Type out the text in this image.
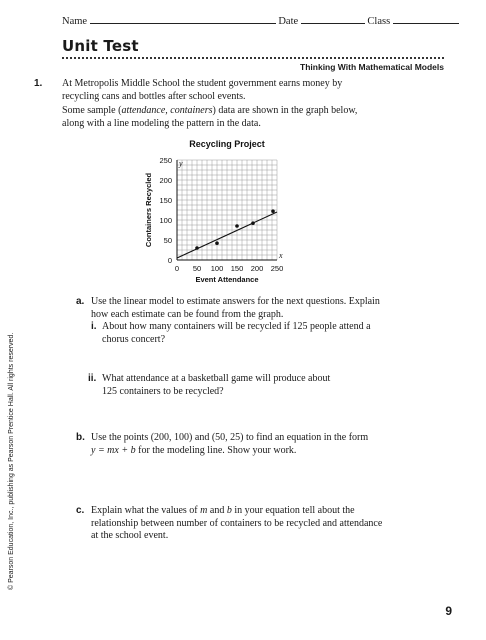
Name	Date	Class
Unit Test
Thinking With Mathematical Models
1. At Metropolis Middle School the student government earns money by
recycling cans and bottles after school events.
Some sample (attendance, containers) data are shown in the graph below,
along with a line modeling the pattern in the data.
0 50 100 150 200 250
0
50
100
150
200
250
x
y
Recycling Project
Event Attendance
Containers Recycled
a. Use the linear model to estimate answers for the next questions. Explain
how each estimate can be found from the graph.
i. About how many containers will be recycled if 125 people attend a
chorus concert?
ii. What attendance at a basketball game will produce about
125 containers to be recycled?
b. Use the points (200, 100) and (50, 25) to find an equation in the form
y = mx + b for the modeling line. Show your work.
c. Explain what the values of m and b in your equation tell about the
relationship between number of containers to be recycled and attendance
at the school event.
© Pearson Education, Inc., publishing as Pearson Prentice Hall. All rights reserved.
9
